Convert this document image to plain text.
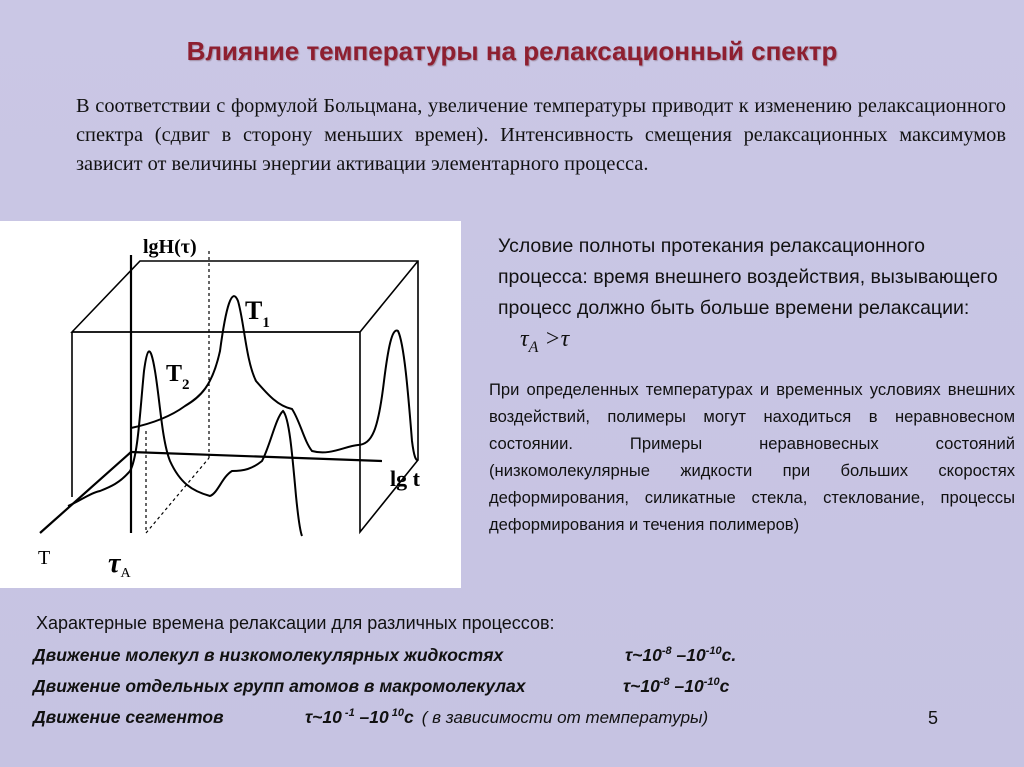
Влияние температуры на релаксационный спектр
В соответствии с формулой Больцмана, увеличение температуры приводит к изменению релаксационного спектра (сдвиг в сторону меньших времен). Интенсивность смещения релаксационных максимумов зависит от величины энергии активации элементарного процесса.
lgH(τ)
lg t
T
$T_1$
$T_2$
τA
Условие полноты протекания релаксационного процесса: время внешнего воздействия, вызывающего процесс должно быть больше времени релаксации: $\tau_A >\tau$
При определенных температурах и временных условиях внешних воздействий, полимеры могут находиться в неравновесном состоянии. Примеры неравновесных состояний (низкомолекулярные жидкости при больших скоростях деформирования, силикатные стекла, стеклование, процессы деформирования и течения полимеров)
Характерные времена релаксации для различных процессов:
Движение молекул в низкомолекулярных жидкостях	$\tau\sim 10^{-8}$ $-10^{-10}с$.
Движение отдельных групп атомов в макромолекулах	$\tau\sim 10^{-8}$ $-10^{-10}с$
Движение сегментов	τ~10 $^{-1}$ –10 $^{10}$с ( в зависимости от температуры)	5
